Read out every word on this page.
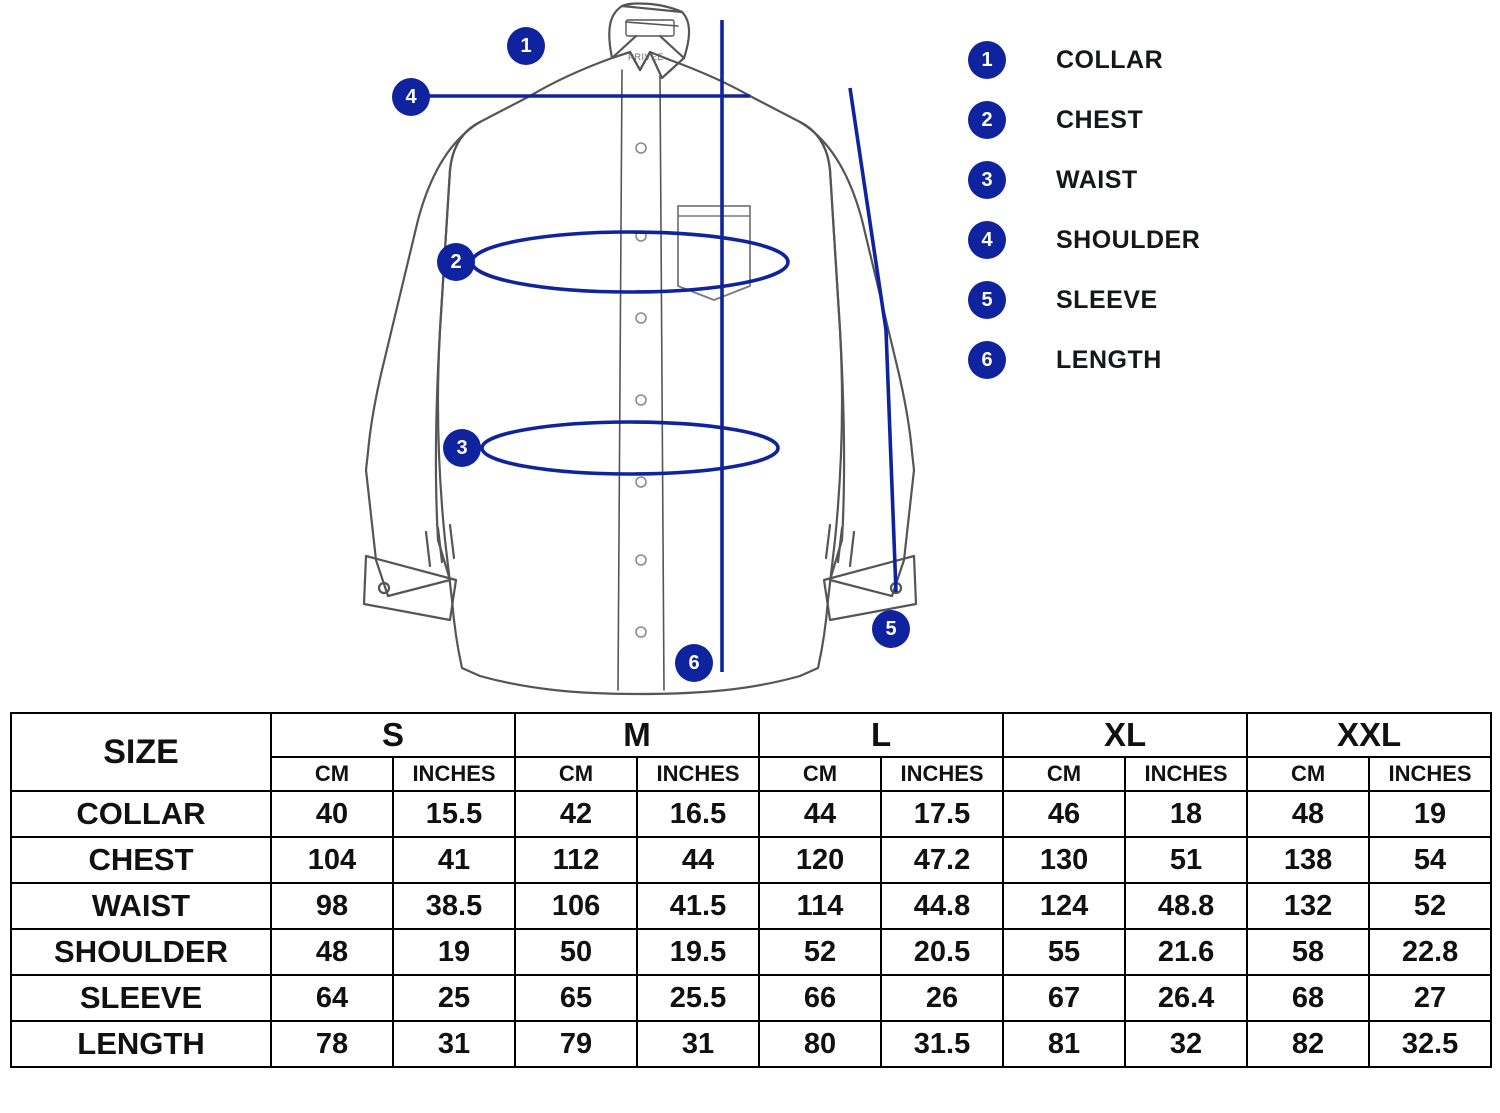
1
4
2
3
5
6
1	COLLAR
2	CHEST
3	WAIST
4	SHOULDER
5	SLEEVE
6	LENGTH
SIZE	S		M		L		XL		XXL	
	CM	INCHES	CM	INCHES	CM	INCHES	CM	INCHES	CM	INCHES
COLLAR	40	15.5	42	16.5	44	17.5	46	18	48	19
CHEST	104	41	112	44	120	47.2	130	51	138	54
WAIST	98	38.5	106	41.5	114	44.8	124	48.8	132	52
SHOULDER	48	19	50	19.5	52	20.5	55	21.6	58	22.8
SLEEVE	64	25	65	25.5	66	26	67	26.4	68	27
LENGTH	78	31	79	31	80	31.5	81	32	82	32.5
PRIVEE
